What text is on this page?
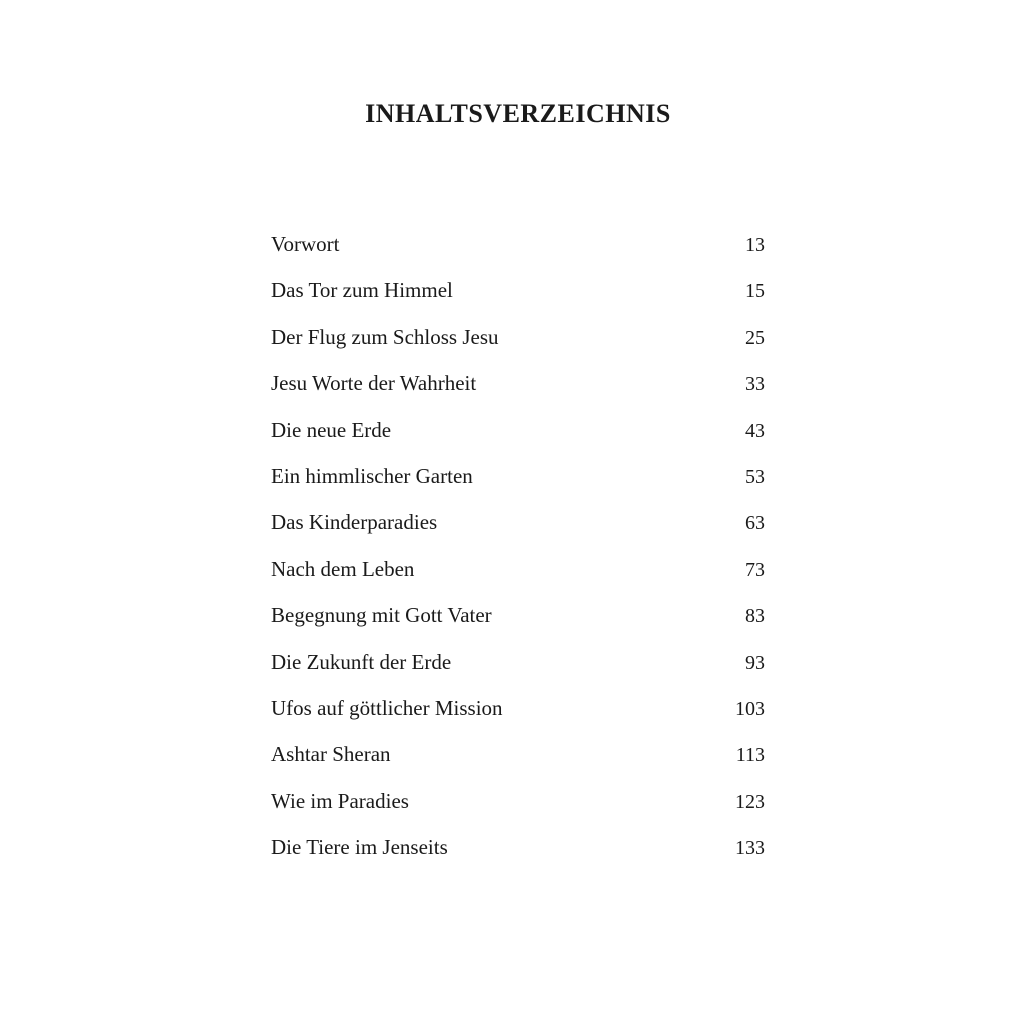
INHALTSVERZEICHNIS
Vorwort	13
Das Tor zum Himmel	15
Der Flug zum Schloss Jesu	25
Jesu Worte der Wahrheit	33
Die neue Erde	43
Ein himmlischer Garten	53
Das Kinderparadies	63
Nach dem Leben	73
Begegnung mit Gott Vater	83
Die Zukunft der Erde	93
Ufos auf göttlicher Mission	103
Ashtar Sheran	113
Wie im Paradies	123
Die Tiere im Jenseits	133
